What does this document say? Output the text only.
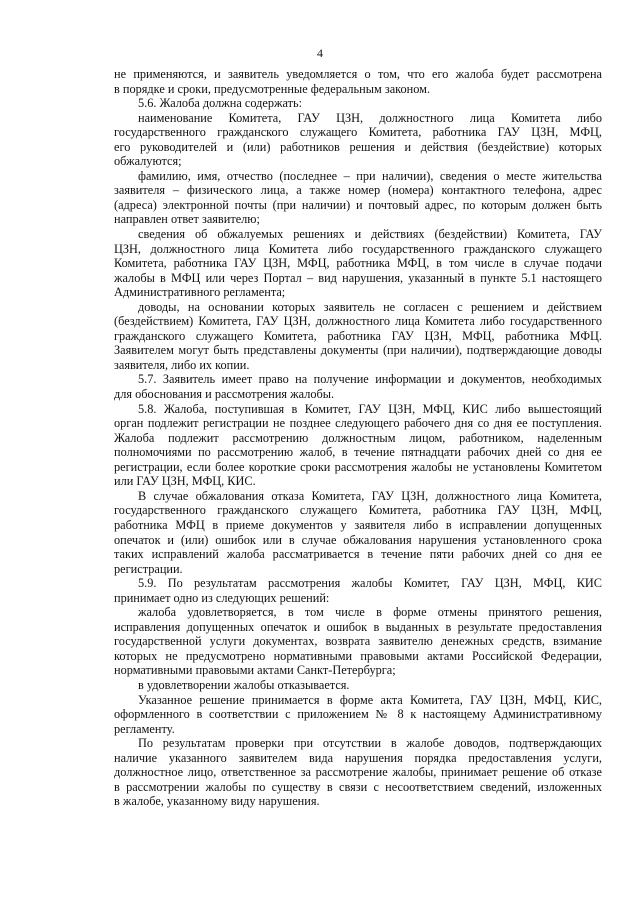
4
не применяются, и заявитель уведомляется о том, что его жалоба будет рассмотрена
в порядке и сроки, предусмотренные федеральным законом.
5.6. Жалоба должна содержать:
наименование Комитета, ГАУ ЦЗН, должностного лица Комитета либо
государственного гражданского служащего Комитета, работника ГАУ ЦЗН, МФЦ,
его руководителей и (или) работников решения и действия (бездействие) которых
обжалуются;
фамилию, имя, отчество (последнее – при наличии), сведения о месте жительства
заявителя – физического лица, а также номер (номера) контактного телефона, адрес
(адреса) электронной почты (при наличии) и почтовый адрес, по которым должен быть
направлен ответ заявителю;
сведения об обжалуемых решениях и действиях (бездействии) Комитета, ГАУ
ЦЗН, должностного лица Комитета либо государственного гражданского служащего
Комитета, работника ГАУ ЦЗН, МФЦ, работника МФЦ, в том числе в случае подачи
жалобы в МФЦ или через Портал – вид нарушения, указанный в пункте 5.1 настоящего
Административного регламента;
доводы, на основании которых заявитель не согласен с решением и действием
(бездействием) Комитета, ГАУ ЦЗН, должностного лица Комитета либо государственного
гражданского служащего Комитета, работника ГАУ ЦЗН, МФЦ, работника МФЦ.
Заявителем могут быть представлены документы (при наличии), подтверждающие доводы
заявителя, либо их копии.
5.7. Заявитель имеет право на получение информации и документов, необходимых
для обоснования и рассмотрения жалобы.
5.8. Жалоба, поступившая в Комитет, ГАУ ЦЗН, МФЦ, КИС либо вышестоящий
орган подлежит регистрации не позднее следующего рабочего дня со дня ее поступления.
Жалоба подлежит рассмотрению должностным лицом, работником, наделенным
полномочиями по рассмотрению жалоб, в течение пятнадцати рабочих дней со дня ее
регистрации, если более короткие сроки рассмотрения жалобы не установлены Комитетом
или ГАУ ЦЗН, МФЦ, КИС.
В случае обжалования отказа Комитета, ГАУ ЦЗН, должностного лица Комитета,
государственного гражданского служащего Комитета, работника ГАУ ЦЗН, МФЦ,
работника МФЦ в приеме документов у заявителя либо в исправлении допущенных
опечаток и (или) ошибок или в случае обжалования нарушения установленного срока
таких исправлений жалоба рассматривается в течение пяти рабочих дней со дня ее
регистрации.
5.9. По результатам рассмотрения жалобы Комитет, ГАУ ЦЗН, МФЦ, КИС
принимает одно из следующих решений:
жалоба удовлетворяется, в том числе в форме отмены принятого решения,
исправления допущенных опечаток и ошибок в выданных в результате предоставления
государственной услуги документах, возврата заявителю денежных средств, взимание
которых не предусмотрено нормативными правовыми актами Российской Федерации,
нормативными правовыми актами Санкт-Петербурга;
в удовлетворении жалобы отказывается.
Указанное решение принимается в форме акта Комитета, ГАУ ЦЗН, МФЦ, КИС,
оформленного в соответствии с приложением № 8 к настоящему Административному
регламенту.
По результатам проверки при отсутствии в жалобе доводов, подтверждающих
наличие указанного заявителем вида нарушения порядка предоставления услуги,
должностное лицо, ответственное за рассмотрение жалобы, принимает решение об отказе
в рассмотрении жалобы по существу в связи с несоответствием сведений, изложенных
в жалобе, указанному виду нарушения.
